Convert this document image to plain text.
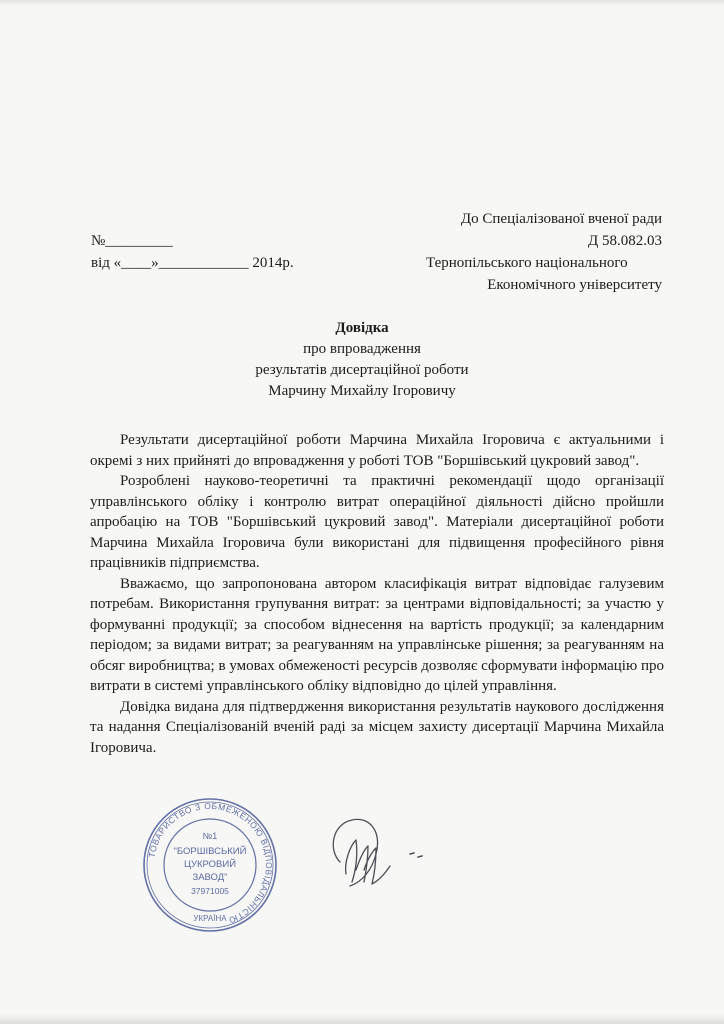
До Спеціалізованої вченої ради
Д 58.082.03
Тернопільського національного
Економічного університету
№_________
від «____»____________ 2014р.
Довідка
про впровадження
результатів дисертаційної роботи
Марчину Михайлу Ігоровичу

Результати дисертаційної роботи Марчина Михайла Ігоровича є актуальними і окремі з них прийняті до впровадження у роботі ТОВ "Боршівський цукровий завод".

Розроблені науково-теоретичні та практичні рекомендації щодо організації управлінського обліку і контролю витрат операційної діяльності дійсно пройшли апробацію на ТОВ "Боршівський цукровий завод". Матеріали дисертаційної роботи Марчина Михайла Ігоровича були використані для підвищення професійного рівня працівників підприємства.

Вважаємо, що запропонована автором класифікація витрат відповідає галузевим потребам. Використання групування витрат: за центрами відповідальності; за участю у формуванні продукції; за способом віднесення на вартість продукції; за календарним періодом; за видами витрат; за реагуванням на управлінське рішення; за реагуванням на обсяг виробництва; в умовах обмеженості ресурсів дозволяє сформувати інформацію про витрати в системі управлінського обліку відповідно до цілей управління.

Довідка видана для підтвердження використання результатів наукового дослідження та надання Спеціалізованій вченій раді за місцем захисту дисертації Марчина Михайла Ігоровича.

ТОВАРИСТВО З ОБМЕЖЕНОЮ ВІДПОВІДАЛЬНІСТЮ
УКРАЇНА
№1
"БОРШІВСЬКИЙ
ЦУКРОВИЙ
ЗАВОД"
37971005
